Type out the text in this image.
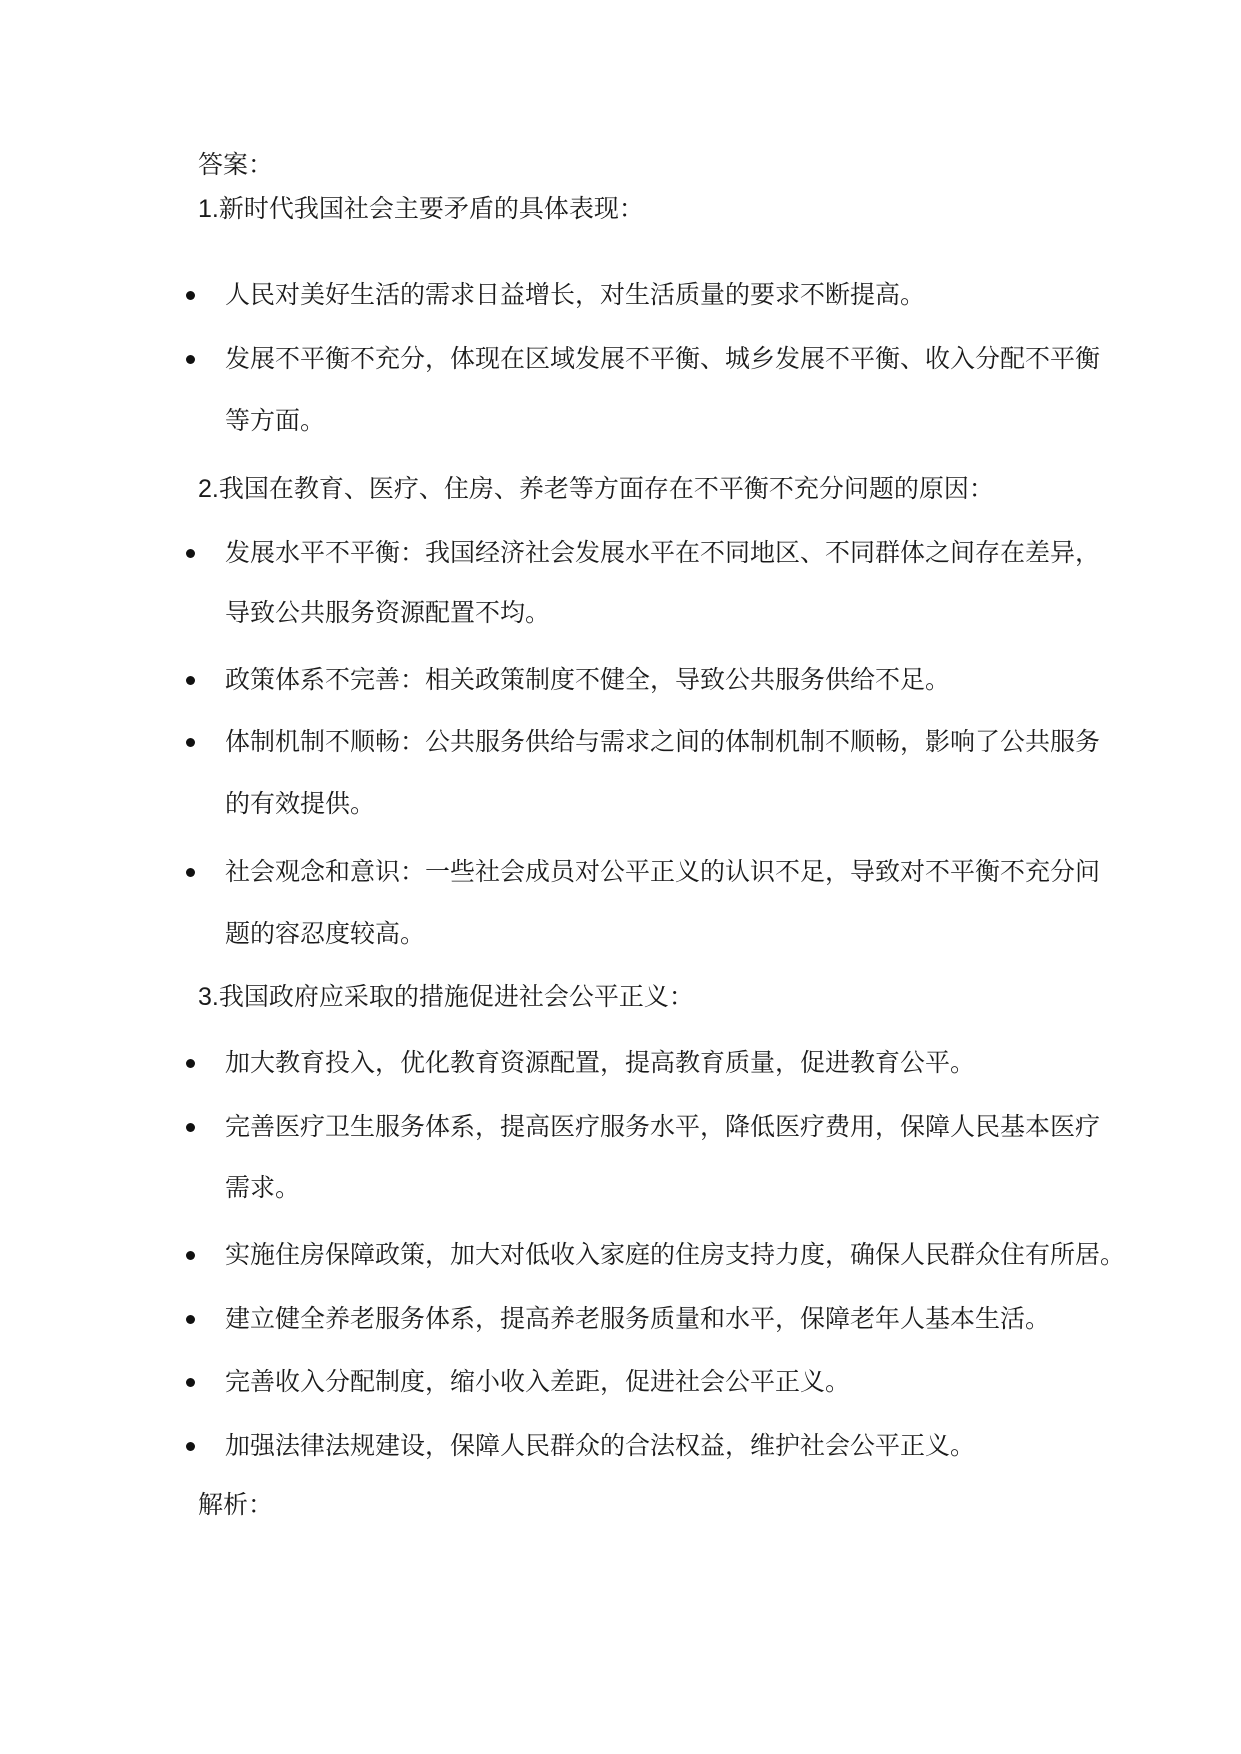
答案：
1.新时代我国社会主要矛盾的具体表现：
人民对美好生活的需求日益增长，对生活质量的要求不断提高。
发展不平衡不充分，体现在区域发展不平衡、城乡发展不平衡、收入分配不平衡
等方面。
2.我国在教育、医疗、住房、养老等方面存在不平衡不充分问题的原因：
发展水平不平衡：我国经济社会发展水平在不同地区、不同群体之间存在差异，
导致公共服务资源配置不均。
政策体系不完善：相关政策制度不健全，导致公共服务供给不足。
体制机制不顺畅：公共服务供给与需求之间的体制机制不顺畅，影响了公共服务
的有效提供。
社会观念和意识：一些社会成员对公平正义的认识不足，导致对不平衡不充分问
题的容忍度较高。
3.我国政府应采取的措施促进社会公平正义：
加大教育投入，优化教育资源配置，提高教育质量，促进教育公平。
完善医疗卫生服务体系，提高医疗服务水平，降低医疗费用，保障人民基本医疗
需求。
实施住房保障政策，加大对低收入家庭的住房支持力度，确保人民群众住有所居。
建立健全养老服务体系，提高养老服务质量和水平，保障老年人基本生活。
完善收入分配制度，缩小收入差距，促进社会公平正义。
加强法律法规建设，保障人民群众的合法权益，维护社会公平正义。
解析：
